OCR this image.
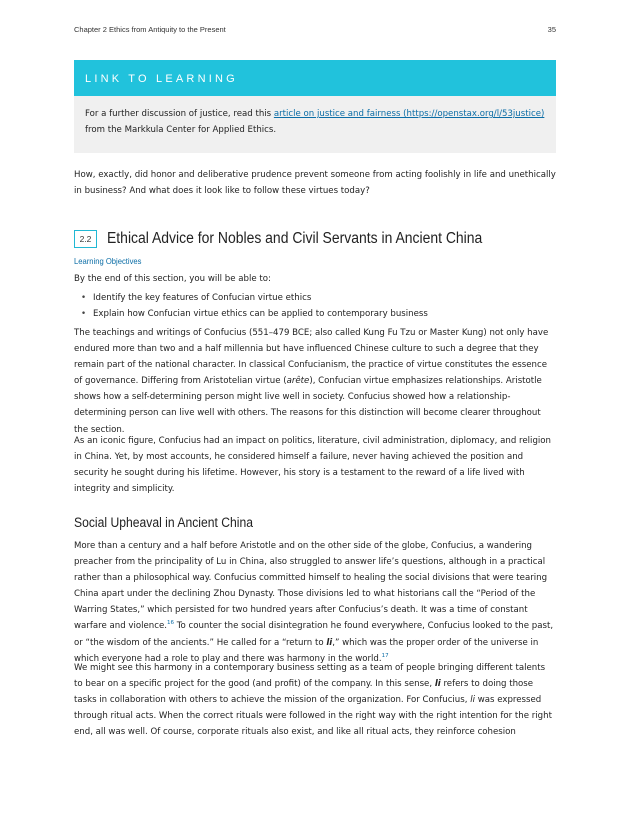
Chapter 2 Ethics from Antiquity to the Present	35
LINK TO LEARNING
For a further discussion of justice, read this article on justice and fairness (https://openstax.org/l/53justice) from the Markkula Center for Applied Ethics.

How, exactly, did honor and deliberative prudence prevent someone from acting foolishly in life and unethically in business? And what does it look like to follow these virtues today?

2.2	Ethical Advice for Nobles and Civil Servants in Ancient China
Learning Objectives

By the end of this section, you will be able to:

• Identify the key features of Confucian virtue ethics
• Explain how Confucian virtue ethics can be applied to contemporary business

The teachings and writings of Confucius (551–479 BCE; also called Kung Fu Tzu or Master Kung) not only have endured more than two and a half millennia but have influenced Chinese culture to such a degree that they remain part of the national character. In classical Confucianism, the practice of virtue constitutes the essence of governance. Differing from Aristotelian virtue (arête), Confucian virtue emphasizes relationships. Aristotle shows how a self-determining person might live well in society. Confucius showed how a relationship-determining person can live well with others. The reasons for this distinction will become clearer throughout the section.

As an iconic figure, Confucius had an impact on politics, literature, civil administration, diplomacy, and religion in China. Yet, by most accounts, he considered himself a failure, never having achieved the position and security he sought during his lifetime. However, his story is a testament to the reward of a life lived with integrity and simplicity.

Social Upheaval in Ancient China

More than a century and a half before Aristotle and on the other side of the globe, Confucius, a wandering preacher from the principality of Lu in China, also struggled to answer life’s questions, although in a practical rather than a philosophical way. Confucius committed himself to healing the social divisions that were tearing China apart under the declining Zhou Dynasty. Those divisions led to what historians call the “Period of the Warring States,” which persisted for two hundred years after Confucius’s death. It was a time of constant warfare and violence.$^{16}$ To counter the social disintegration he found everywhere, Confucius looked to the past, or “the wisdom of the ancients.” He called for a “return to li,” which was the proper order of the universe in which everyone had a role to play and there was harmony in the world.$^{17}$

We might see this harmony in a contemporary business setting as a team of people bringing different talents to bear on a specific project for the good (and profit) of the company. In this sense, li refers to doing those tasks in collaboration with others to achieve the mission of the organization. For Confucius, li was expressed through ritual acts. When the correct rituals were followed in the right way with the right intention for the right end, all was well. Of course, corporate rituals also exist, and like all ritual acts, they reinforce cohesion
